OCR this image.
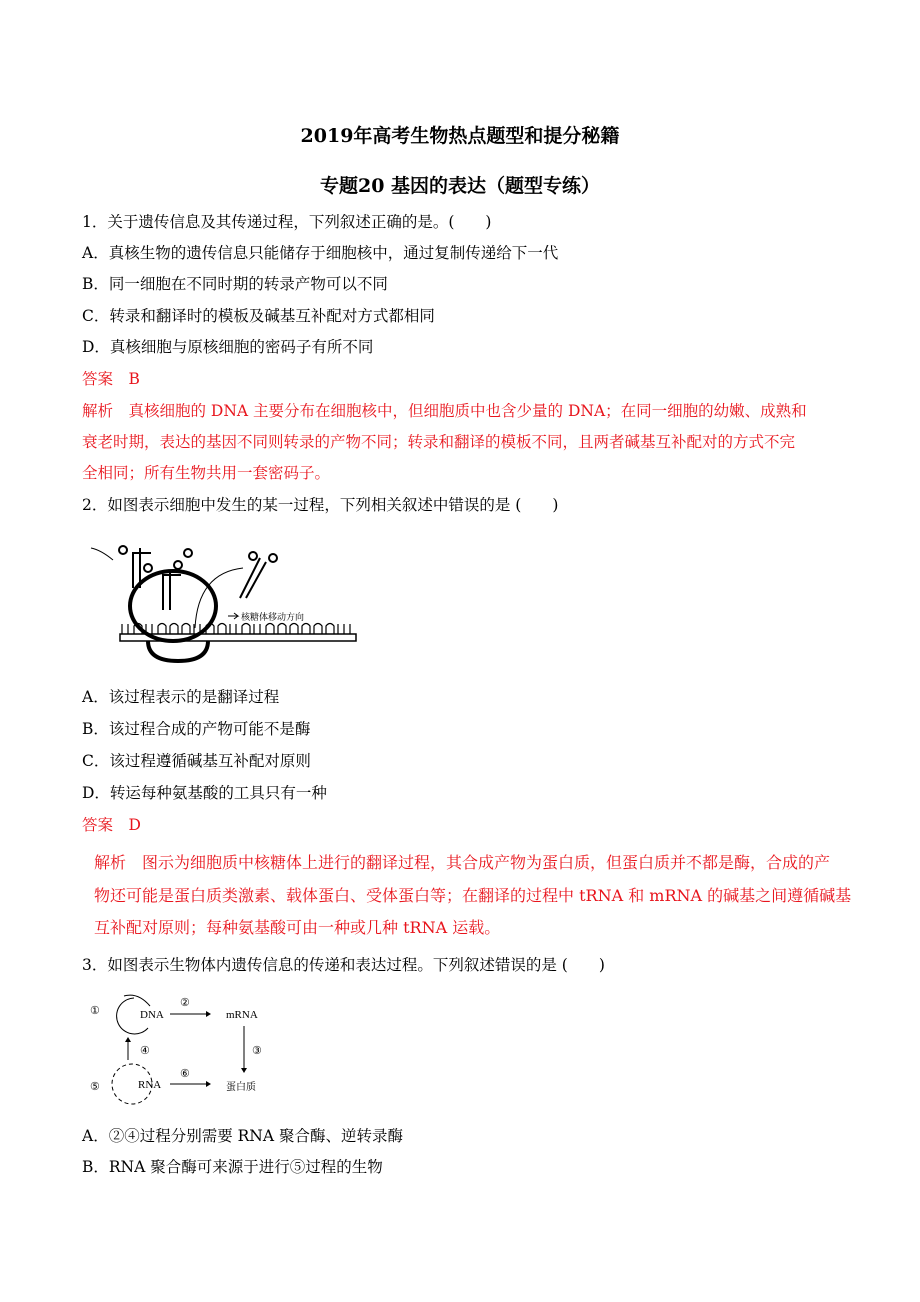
2019年高考生物热点题型和提分秘籍
专题20 基因的表达（题型专练）
1．关于遗传信息及其传递过程，下列叙述正确的是。(　　)
A．真核生物的遗传信息只能储存于细胞核中，通过复制传递给下一代
B．同一细胞在不同时期的转录产物可以不同
C．转录和翻译时的模板及碱基互补配对方式都相同
D．真核细胞与原核细胞的密码子有所不同
答案　B
解析　真核细胞的 DNA 主要分布在细胞核中，但细胞质中也含少量的 DNA；在同一细胞的幼嫩、成熟和
衰老时期，表达的基因不同则转录的产物不同；转录和翻译的模板不同，且两者碱基互补配对的方式不完
全相同；所有生物共用一套密码子。
2．如图表示细胞中发生的某一过程，下列相关叙述中错误的是 (　　)
核糖体移动方向
A．该过程表示的是翻译过程
B．该过程合成的产物可能不是酶
C．该过程遵循碱基互补配对原则
D．转运每种氨基酸的工具只有一种
答案　D
解析　图示为细胞质中核糖体上进行的翻译过程，其合成产物为蛋白质，但蛋白质并不都是酶，合成的产
物还可能是蛋白质类激素、载体蛋白、受体蛋白等；在翻译的过程中 tRNA 和 mRNA 的碱基之间遵循碱基
互补配对原则；每种氨基酸可由一种或几种 tRNA 运载。
3．如图表示生物体内遗传信息的传递和表达过程。下列叙述错误的是 (　　)
①	DNA
②
mRNA
③
④
⑤	RNA
⑥
蛋白质
A．②④过程分别需要 RNA 聚合酶、逆转录酶
B．RNA 聚合酶可来源于进行⑤过程的生物
